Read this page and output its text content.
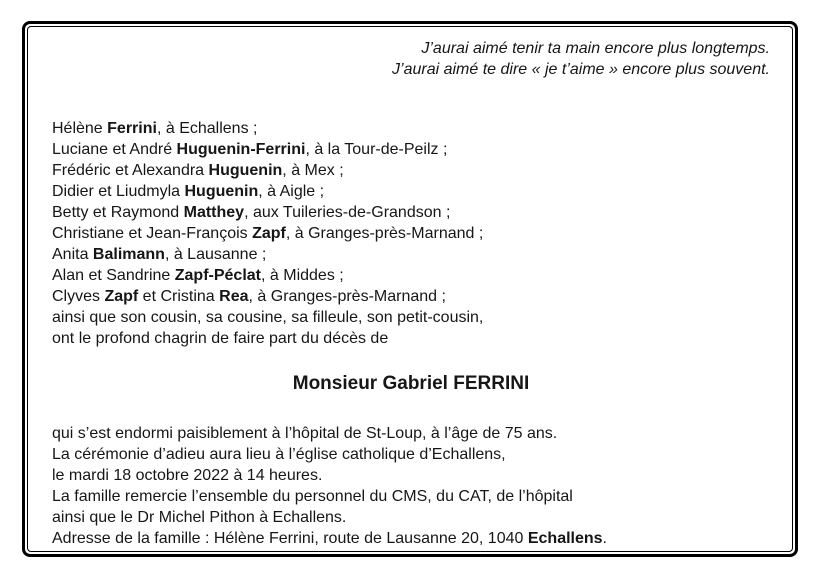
J’aurai aimé tenir ta main encore plus longtemps.
J’aurai aimé te dire « je t’aime » encore plus souvent.
Hélène Ferrini, à Echallens ;
Luciane et André Huguenin-Ferrini, à la Tour-de-Peilz ;
Frédéric et Alexandra Huguenin, à Mex ;
Didier et Liudmyla Huguenin, à Aigle ;
Betty et Raymond Matthey, aux Tuileries-de-Grandson ;
Christiane et Jean-François Zapf, à Granges-près-Marnand ;
Anita Balimann, à Lausanne ;
Alan et Sandrine Zapf-Péclat, à Middes ;
Clyves Zapf et Cristina Rea, à Granges-près-Marnand ;
ainsi que son cousin, sa cousine, sa filleule, son petit-cousin,
ont le profond chagrin de faire part du décès de
Monsieur Gabriel FERRINI
qui s’est endormi paisiblement à l’hôpital de St-Loup, à l’âge de 75 ans.
La cérémonie d’adieu aura lieu à l’église catholique d’Echallens,
le mardi 18 octobre 2022 à 14 heures.
La famille remercie l’ensemble du personnel du CMS, du CAT, de l’hôpital
ainsi que le Dr Michel Pithon à Echallens.
Adresse de la famille : Hélène Ferrini, route de Lausanne 20, 1040 Echallens.
